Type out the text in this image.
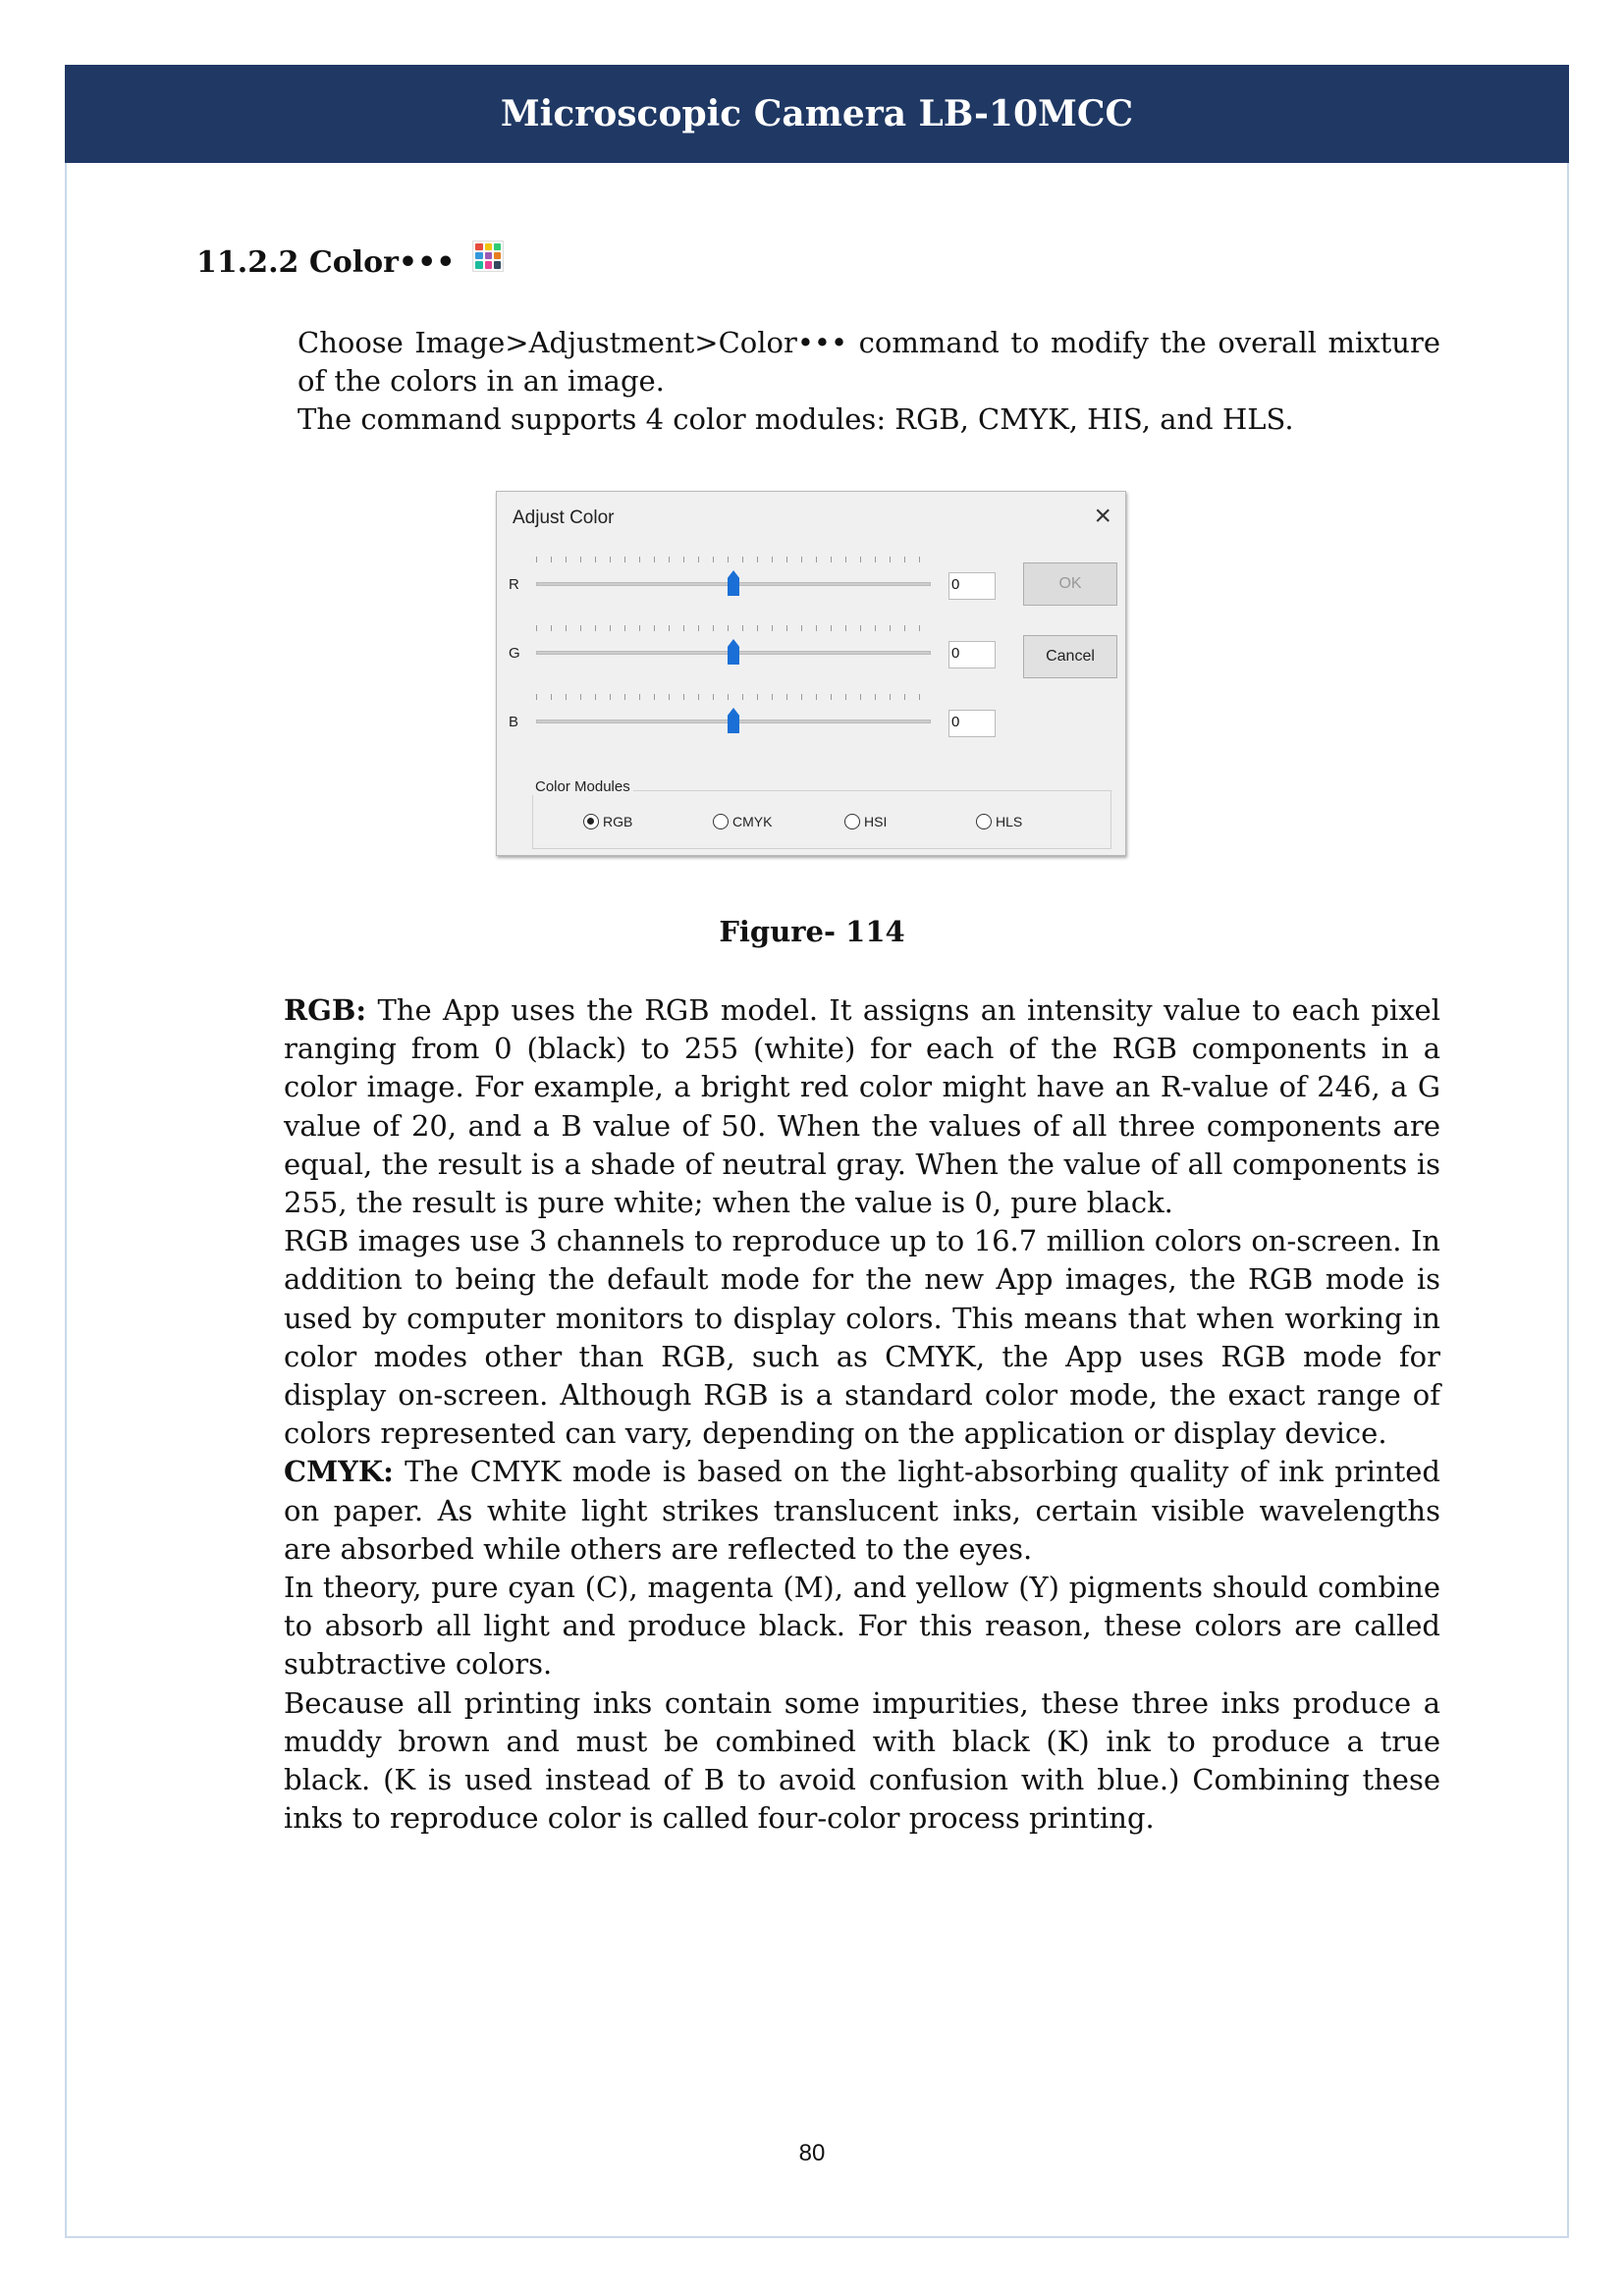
Microscopic Camera LB-10MCC
11.2.2 Color•••

Choose Image>Adjustment>Color••• command to modify the overall mixture of the colors in an image.

The command supports 4 color modules: RGB, CMYK, HIS, and HLS.

Adjust Color	×
R	0
G	0
B	0
OK
Cancel
Color Modules
RGB	CMYK	HSI	HLS
Figure- 114

RGB: The App uses the RGB model. It assigns an intensity value to each pixel ranging from 0 (black) to 255 (white) for each of the RGB components in a color image. For example, a bright red color might have an R-value of 246, a G value of 20, and a B value of 50. When the values of all three components are equal, the result is a shade of neutral gray. When the value of all components is 255, the result is pure white; when the value is 0, pure black.

RGB images use 3 channels to reproduce up to 16.7 million colors on-screen. In addition to being the default mode for the new App images, the RGB mode is used by computer monitors to display colors. This means that when working in color modes other than RGB, such as CMYK, the App uses RGB mode for display on-screen. Although RGB is a standard color mode, the exact range of colors represented can vary, depending on the application or display device.

CMYK: The CMYK mode is based on the light-absorbing quality of ink printed on paper. As white light strikes translucent inks, certain visible wavelengths are absorbed while others are reflected to the eyes.

In theory, pure cyan (C), magenta (M), and yellow (Y) pigments should combine to absorb all light and produce black. For this reason, these colors are called subtractive colors.

Because all printing inks contain some impurities, these three inks produce a muddy brown and must be combined with black (K) ink to produce a true black. (K is used instead of B to avoid confusion with blue.) Combining these inks to reproduce color is called four-color process printing.

80
